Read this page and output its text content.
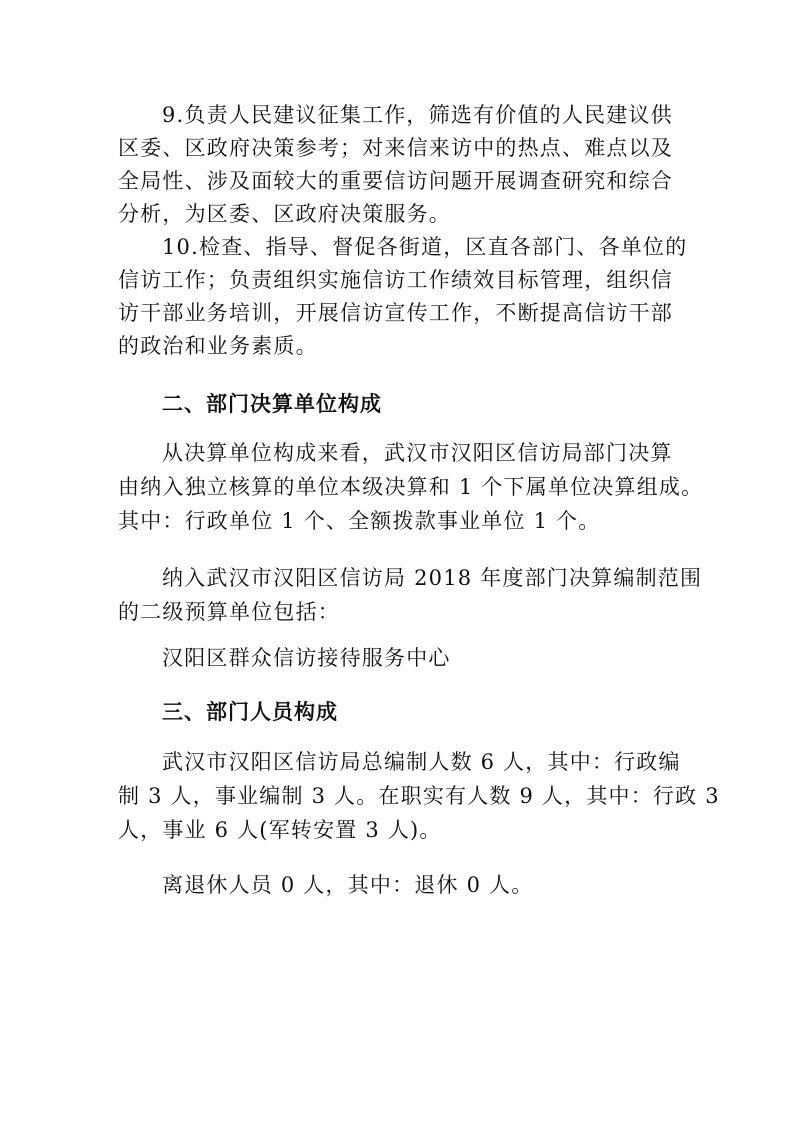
9.负责人民建议征集工作，筛选有价值的人民建议供
区委、区政府决策参考；对来信来访中的热点、难点以及
全局性、涉及面较大的重要信访问题开展调查研究和综合
分析，为区委、区政府决策服务。
10.检查、指导、督促各街道，区直各部门、各单位的
信访工作；负责组织实施信访工作绩效目标管理，组织信
访干部业务培训，开展信访宣传工作，不断提高信访干部
的政治和业务素质。
二、部门决算单位构成
从决算单位构成来看，武汉市汉阳区信访局部门决算
由纳入独立核算的单位本级决算和 1 个下属单位决算组成。
其中：行政单位 1 个、全额拨款事业单位 1 个。
纳入武汉市汉阳区信访局 2018 年度部门决算编制范围
的二级预算单位包括：
汉阳区群众信访接待服务中心
三、部门人员构成
武汉市汉阳区信访局总编制人数 6 人，其中：行政编
制 3 人，事业编制 3 人。在职实有人数 9 人，其中：行政 3
人，事业 6 人(军转安置 3 人)。
离退休人员 0 人，其中：退休 0 人。
